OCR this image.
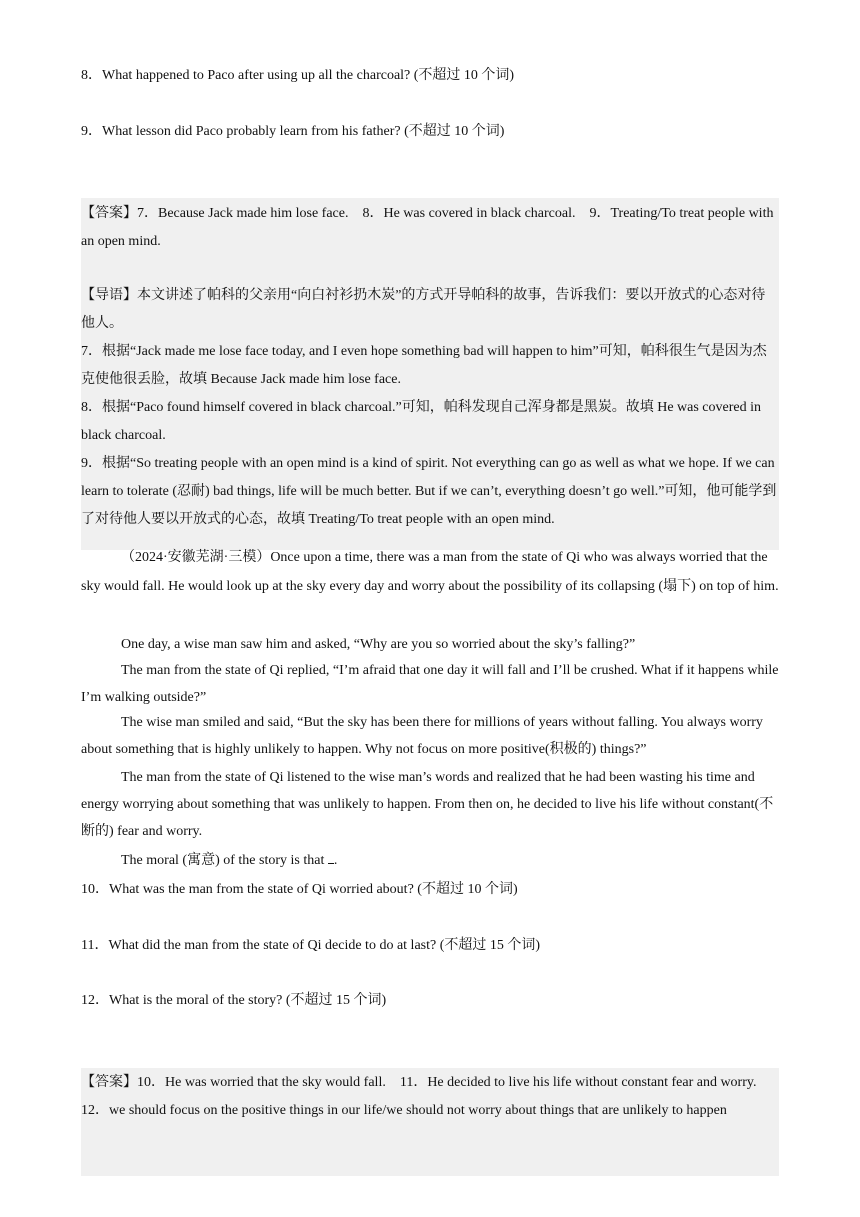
8．What happened to Paco after using up all the charcoal? (不超过 10 个词)
9．What lesson did Paco probably learn from his father? (不超过 10 个词)
【答案】7．Because Jack made him lose face.　8．He was covered in black charcoal.　9．Treating/To treat people with an open mind.
【导语】本文讲述了帕科的父亲用“向白衬衫扔木炭”的方式开导帕科的故事，告诉我们：要以开放式的心态对待他人。
7．根据“Jack made me lose face today, and I even hope something bad will happen to him”可知，帕科很生气是因为杰克使他很丢脸，故填 Because Jack made him lose face.
8．根据“Paco found himself covered in black charcoal.”可知，帕科发现自己浑身都是黑炭。故填 He was covered in black charcoal.
9．根据“So treating people with an open mind is a kind of spirit. Not everything can go as well as what we hope. If we can learn to tolerate (忍耐) bad things, life will be much better. But if we can’t, everything doesn’t go well.”可知，他可能学到了对待他人要以开放式的心态，故填 Treating/To treat people with an open mind.
（2024·安徽芜湖·三模）Once upon a time, there was a man from the state of Qi who was always worried that the sky would fall. He would look up at the sky every day and worry about the possibility of its collapsing (塌下) on top of him.
One day, a wise man saw him and asked, “Why are you so worried about the sky’s falling?”
The man from the state of Qi replied, “I’m afraid that one day it will fall and I’ll be crushed. What if it happens while I’m walking outside?”
The wise man smiled and said, “But the sky has been there for millions of years without falling. You always worry about something that is highly unlikely to happen. Why not focus on more positive(积极的) things?”
The man from the state of Qi listened to the wise man’s words and realized that he had been wasting his time and energy worrying about something that was unlikely to happen. From then on, he decided to live his life without constant(不断的) fear and worry.
The moral (寓意) of the story is that .
10．What was the man from the state of Qi worried about? (不超过 10 个词)
11．What did the man from the state of Qi decide to do at last? (不超过 15 个词)
12．What is the moral of the story? (不超过 15 个词)
【答案】10．He was worried that the sky would fall.　11．He decided to live his life without constant fear and worry.　12．we should focus on the positive things in our life/we should not worry about things that are unlikely to happen
